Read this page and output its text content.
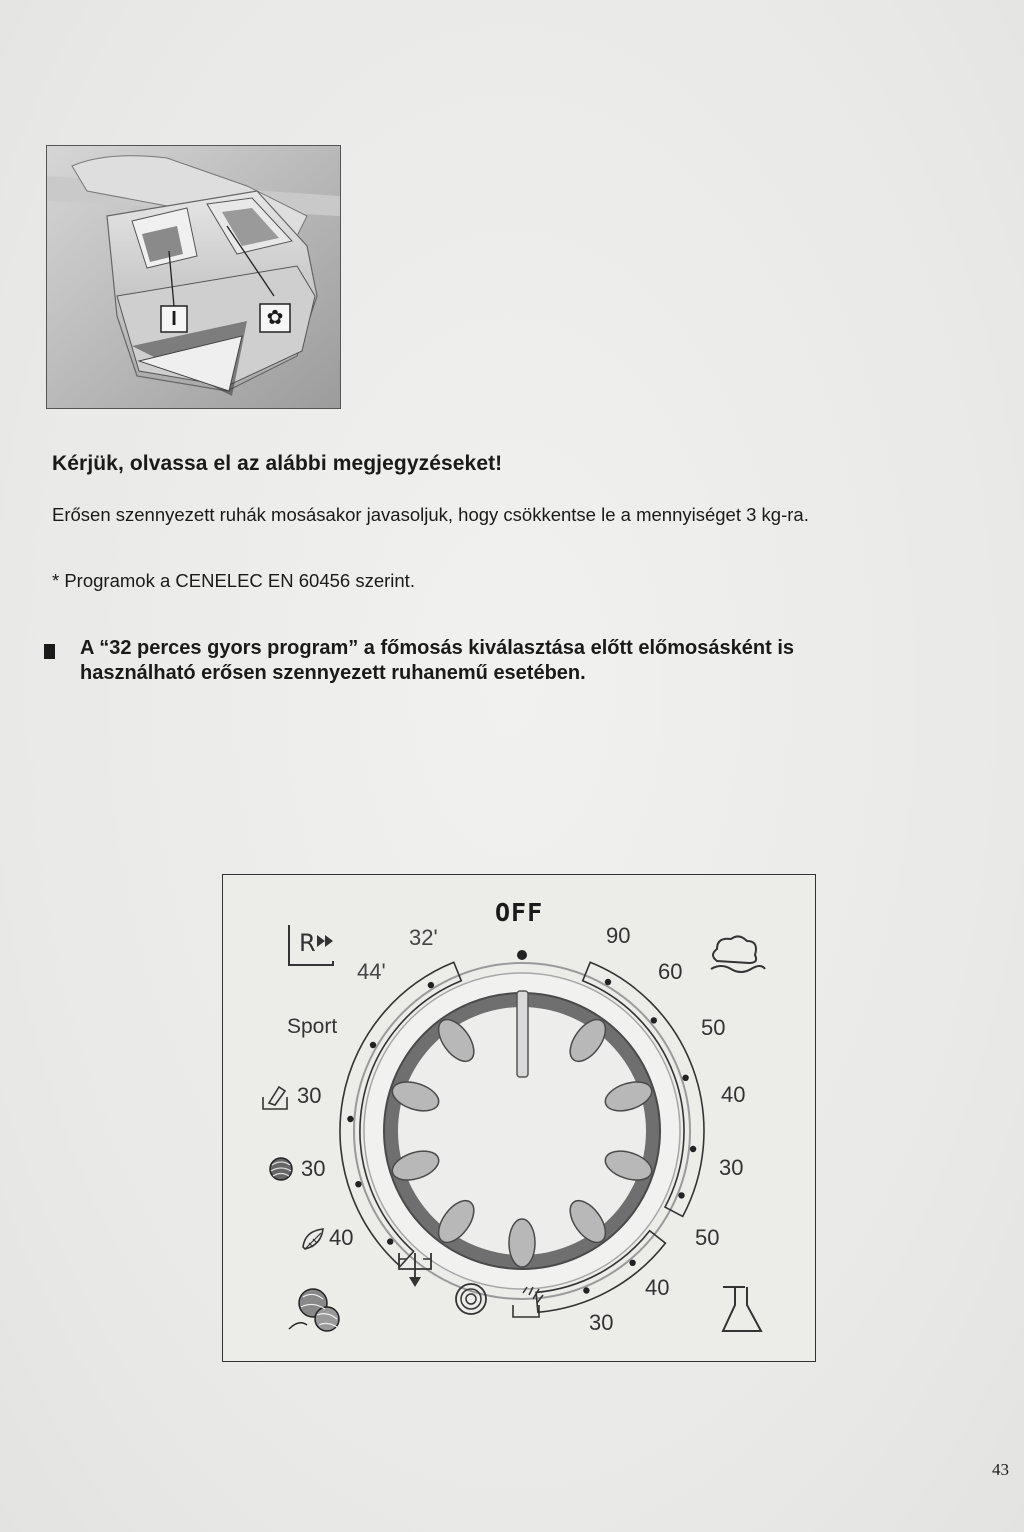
I	✿
Kérjük, olvassa el az alábbi megjegyzéseket!

Erősen szennyezett ruhák mosásakor javasoljuk, hogy csökkentse le a mennyiséget 3 kg-ra.

* Programok a CENELEC EN 60456 szerint.

A “32 perces gyors program” a főmosás kiválasztása előtt előmosásként is használható erősen szennyezett ruhanemű esetében.

OFF
32'
44'
Sport
30
30
40
90
60
50
40
30
50
40
30
R
43
